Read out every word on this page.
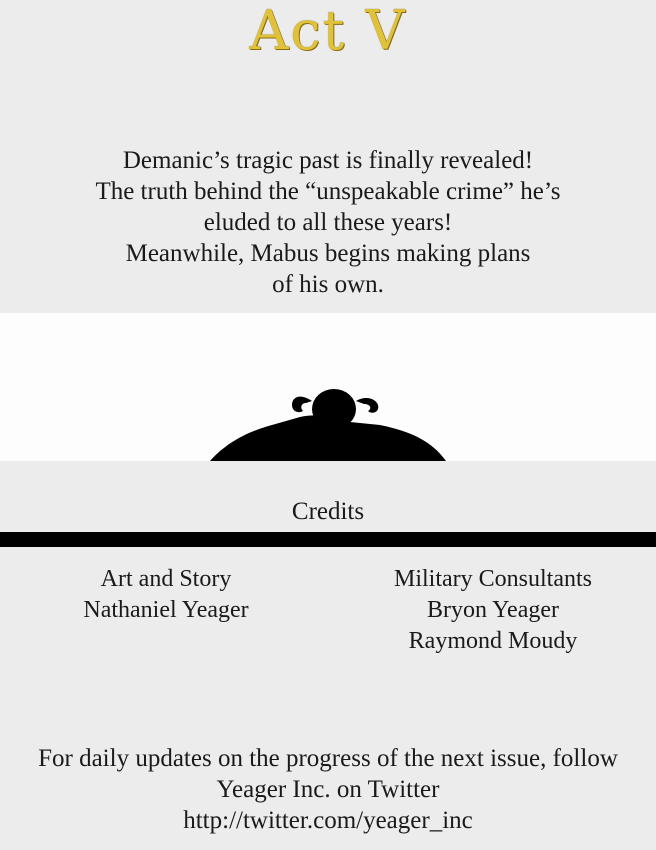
Act V
Demanic’s tragic past is finally revealed!
The truth behind the “unspeakable crime” he’s
eluded to all these years!
Meanwhile, Mabus begins making plans
of his own.
Credits
Art and Story
Nathaniel Yeager
Military Consultants
Bryon Yeager
Raymond Moudy
For daily updates on the progress of the next issue, follow
Yeager Inc. on Twitter
http://twitter.com/yeager_inc
